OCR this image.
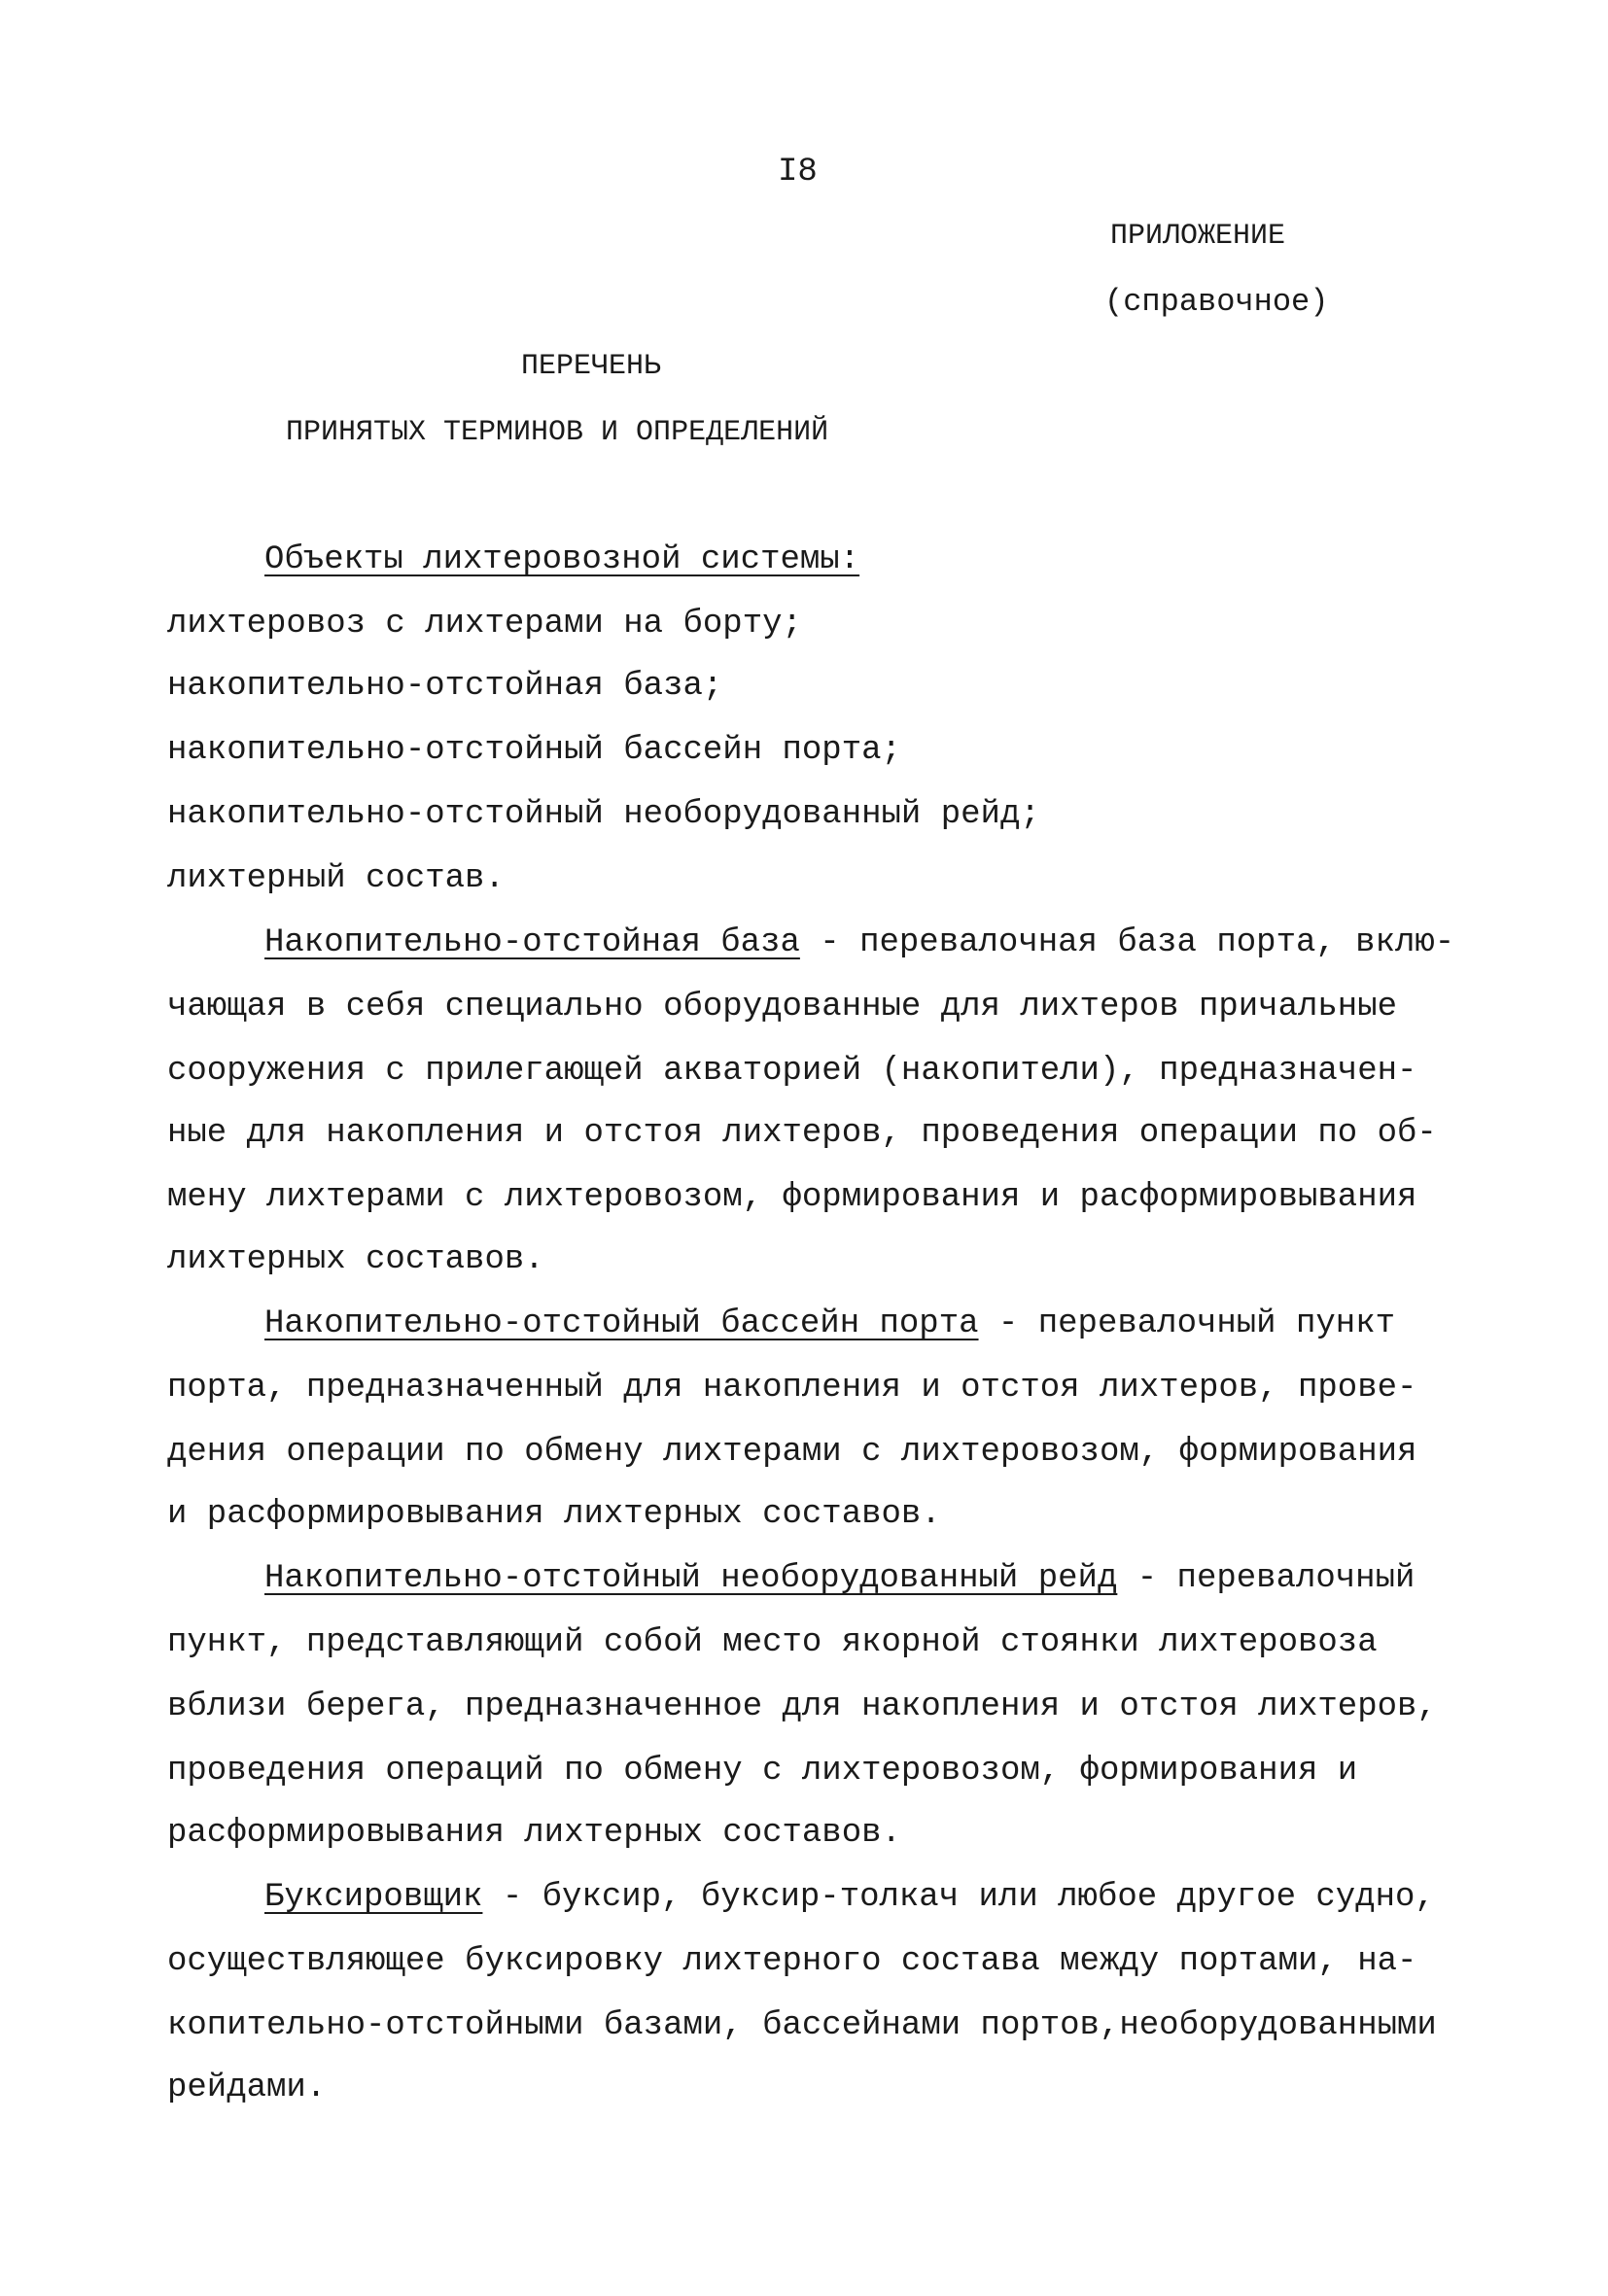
I8
ПРИЛОЖЕНИЕ
(справочное)
ПЕРЕЧЕНЬ
ПРИНЯТЫХ ТЕРМИНОВ И ОПРЕДЕЛЕНИЙ
Объекты лихтеровозной системы:
лихтеровоз с лихтерами на борту;
накопительно-отстойная база;
накопительно-отстойный бассейн порта;
накопительно-отстойный необорудованный рейд;
лихтерный состав.
Накопительно-отстойная база - перевалочная база порта, вклю-
чающая в себя специально оборудованные для лихтеров причальные
сооружения с прилегающей акваторией (накопители), предназначен-
ные для накопления и отстоя лихтеров, проведения операции по об-
мену лихтерами с лихтеровозом, формирования и расформировывания
лихтерных составов.
Накопительно-отстойный бассейн порта - перевалочный пункт
порта, предназначенный для накопления и отстоя лихтеров, прове-
дения операции по обмену лихтерами с лихтеровозом, формирования
и расформировывания лихтерных составов.
Накопительно-отстойный необорудованный рейд - перевалочный
пункт, представляющий собой место якорной стоянки лихтеровоза
вблизи берега, предназначенное для накопления и отстоя лихтеров,
проведения операций по обмену с лихтеровозом, формирования и
расформировывания лихтерных составов.
Буксировщик - буксир, буксир-толкач или любое другое судно,
осуществляющее буксировку лихтерного состава между портами, на-
копительно-отстойными базами, бассейнами портов,необорудованными
рейдами.
